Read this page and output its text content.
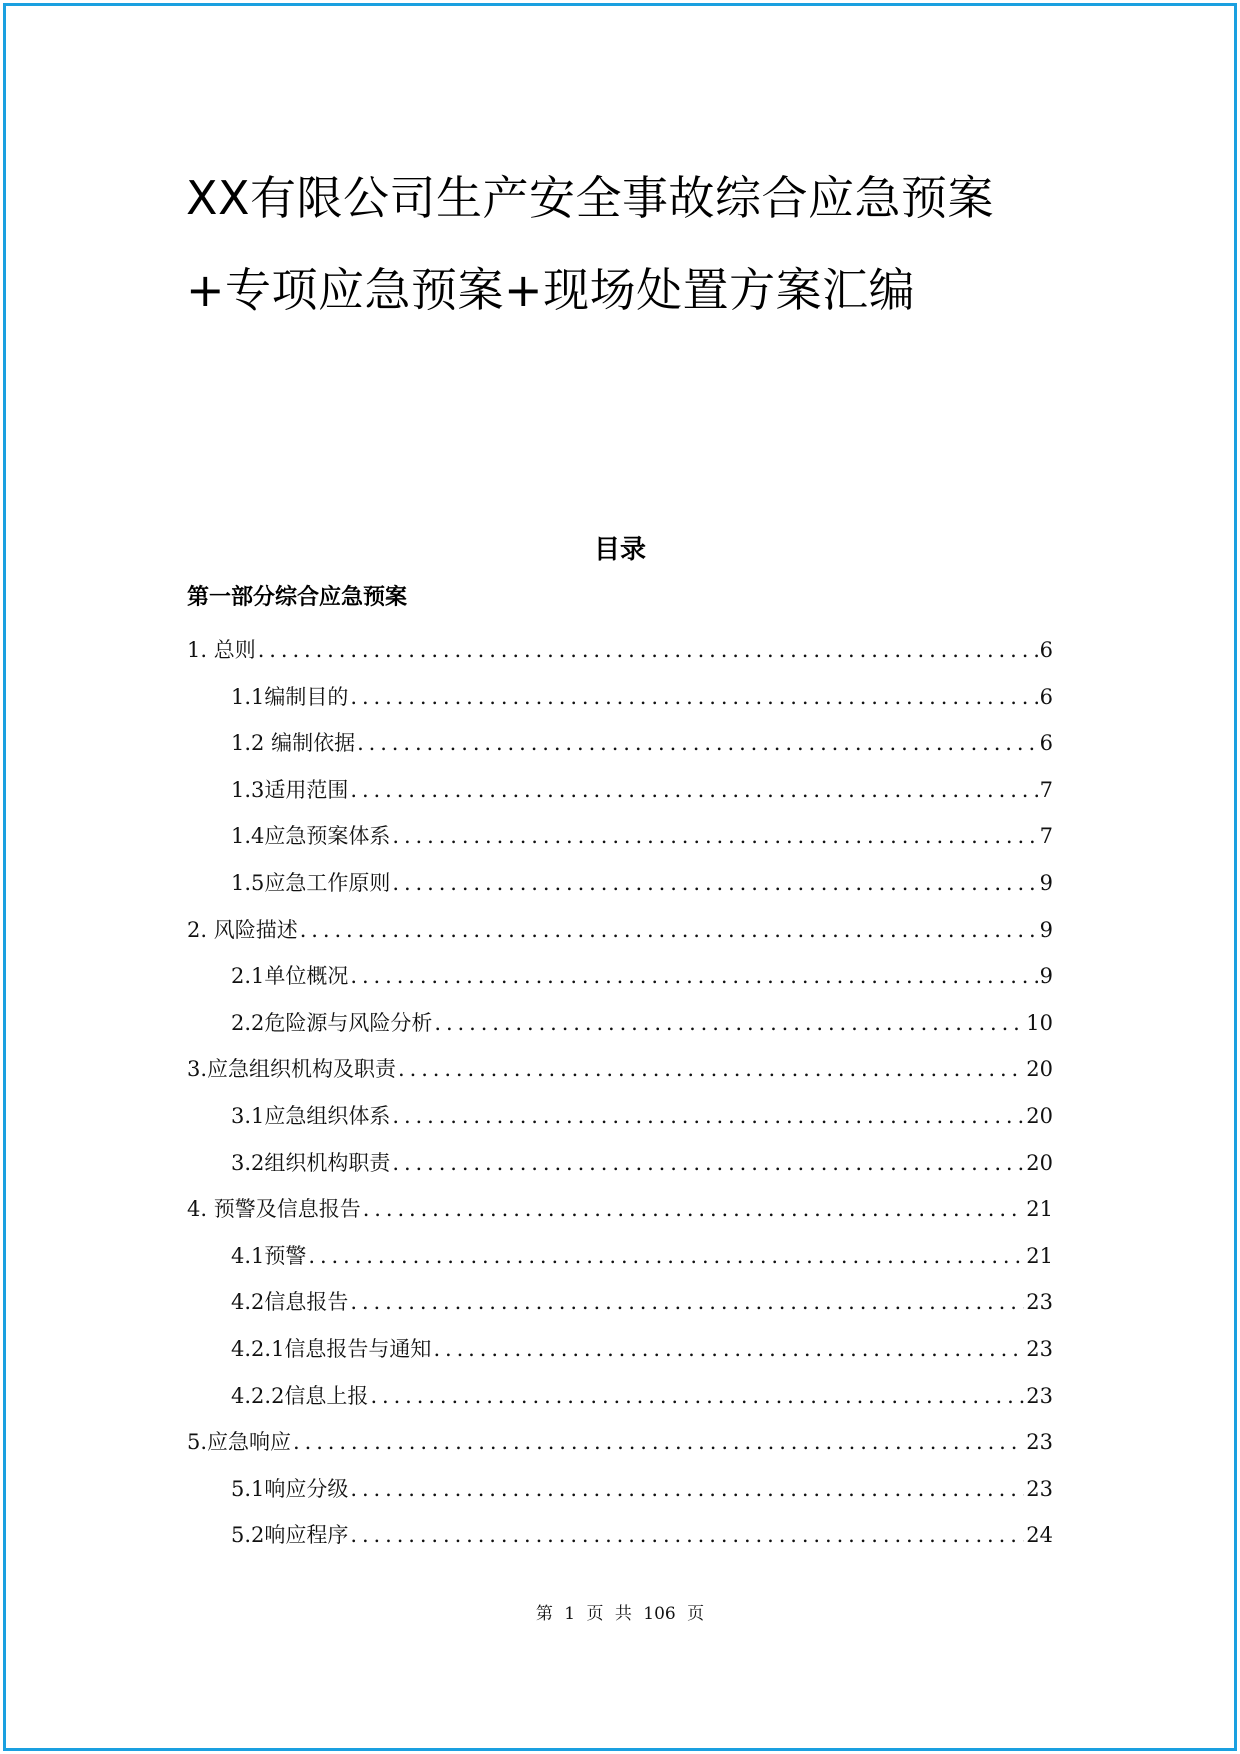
XX有限公司生产安全事故综合应急预案
+专项应急预案+现场处置方案汇编
目录
第一部分综合应急预案
1. 总则 .....	6
1.1编制目的 .....	6
1.2 编制依据 .....	6
1.3适用范围 .....	7
1.4应急预案体系 .....	7
1.5应急工作原则 .....	9
2. 风险描述 .....	9
2.1单位概况 .....	9
2.2危险源与风险分析 .....	10
3.应急组织机构及职责 .....	20
3.1应急组织体系 .....	20
3.2组织机构职责 .....	20
4. 预警及信息报告 .....	21
4.1预警 .....	21
4.2信息报告 .....	23
4.2.1信息报告与通知 .....	23
4.2.2信息上报 .....	23
5.应急响应 .....	23
5.1响应分级 .....	23
5.2响应程序 .....	24

第 1 页 共 106 页
